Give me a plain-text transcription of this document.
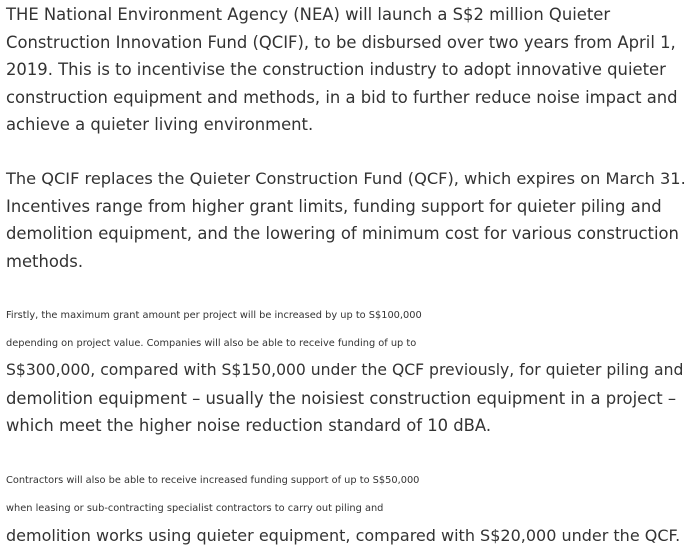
THE National Environment Agency (NEA) will launch a S$2 million Quieter
Construction Innovation Fund (QCIF), to be disbursed over two years from April 1,
2019. This is to incentivise the construction industry to adopt innovative quieter
construction equipment and methods, in a bid to further reduce noise impact and
achieve a quieter living environment.

The QCIF replaces the Quieter Construction Fund (QCF), which expires on March 31.
Incentives range from higher grant limits, funding support for quieter piling and
demolition equipment, and the lowering of minimum cost for various construction
methods.

Firstly, the maximum grant amount per project will be increased by up to S$100,000
depending on project value. Companies will also be able to receive funding of up to
S$300,000, compared with S$150,000 under the QCF previously, for quieter piling and
demolition equipment – usually the noisiest construction equipment in a project –
which meet the higher noise reduction standard of 10 dBA.

Contractors will also be able to receive increased funding support of up to S$50,000
when leasing or sub-contracting specialist contractors to carry out piling and
demolition works using quieter equipment, compared with S$20,000 under the QCF.
